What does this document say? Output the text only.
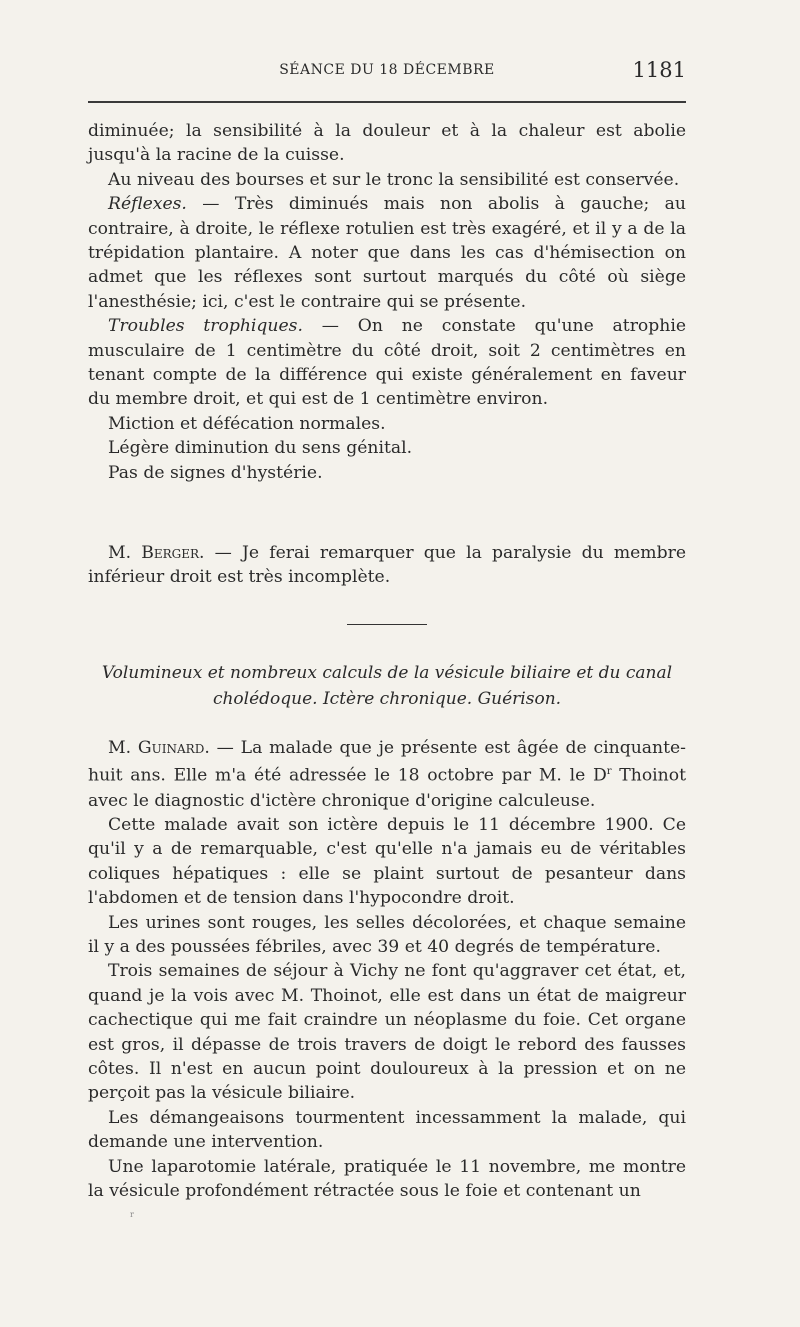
SÉANCE DU 18 DÉCEMBRE	1181

diminuée; la sensibilité à la douleur et à la chaleur est abolie jusqu'à la racine de la cuisse.

Au niveau des bourses et sur le tronc la sensibilité est conservée.

Réflexes. — Très diminués mais non abolis à gauche; au contraire, à droite, le réflexe rotulien est très exagéré, et il y a de la trépidation plantaire. A noter que dans les cas d'hémisection on admet que les réflexes sont surtout marqués du côté où siège l'anesthésie; ici, c'est le contraire qui se présente.

Troubles trophiques. — On ne constate qu'une atrophie musculaire de 1 centimètre du côté droit, soit 2 centimètres en tenant compte de la différence qui existe généralement en faveur du membre droit, et qui est de 1 centimètre environ.

Miction et défécation normales.

Légère diminution du sens génital.

Pas de signes d'hystérie.

M. Berger. — Je ferai remarquer que la paralysie du membre inférieur droit est très incomplète.

Volumineux et nombreux calculs de la vésicule biliaire et du canal
cholédoque. Ictère chronique. Guérison.

M. Guinard. — La malade que je présente est âgée de cinquante-huit ans. Elle m'a été adressée le 18 octobre par M. le $D^r$ Thoinot avec le diagnostic d'ictère chronique d'origine calculeuse.

Cette malade avait son ictère depuis le 11 décembre 1900. Ce qu'il y a de remarquable, c'est qu'elle n'a jamais eu de véritables coliques hépatiques : elle se plaint surtout de pesanteur dans l'abdomen et de tension dans l'hypocondre droit.

Les urines sont rouges, les selles décolorées, et chaque semaine il y a des poussées fébriles, avec 39 et 40 degrés de température.

Trois semaines de séjour à Vichy ne font qu'aggraver cet état, et, quand je la vois avec M. Thoinot, elle est dans un état de maigreur cachectique qui me fait craindre un néoplasme du foie. Cet organe est gros, il dépasse de trois travers de doigt le rebord des fausses côtes. Il n'est en aucun point douloureux à la pression et on ne perçoit pas la vésicule biliaire.

Les démangeaisons tourmentent incessamment la malade, qui demande une intervention.

Une laparotomie latérale, pratiquée le 11 novembre, me montre la vésicule profondément rétractée sous le foie et contenant un

r
